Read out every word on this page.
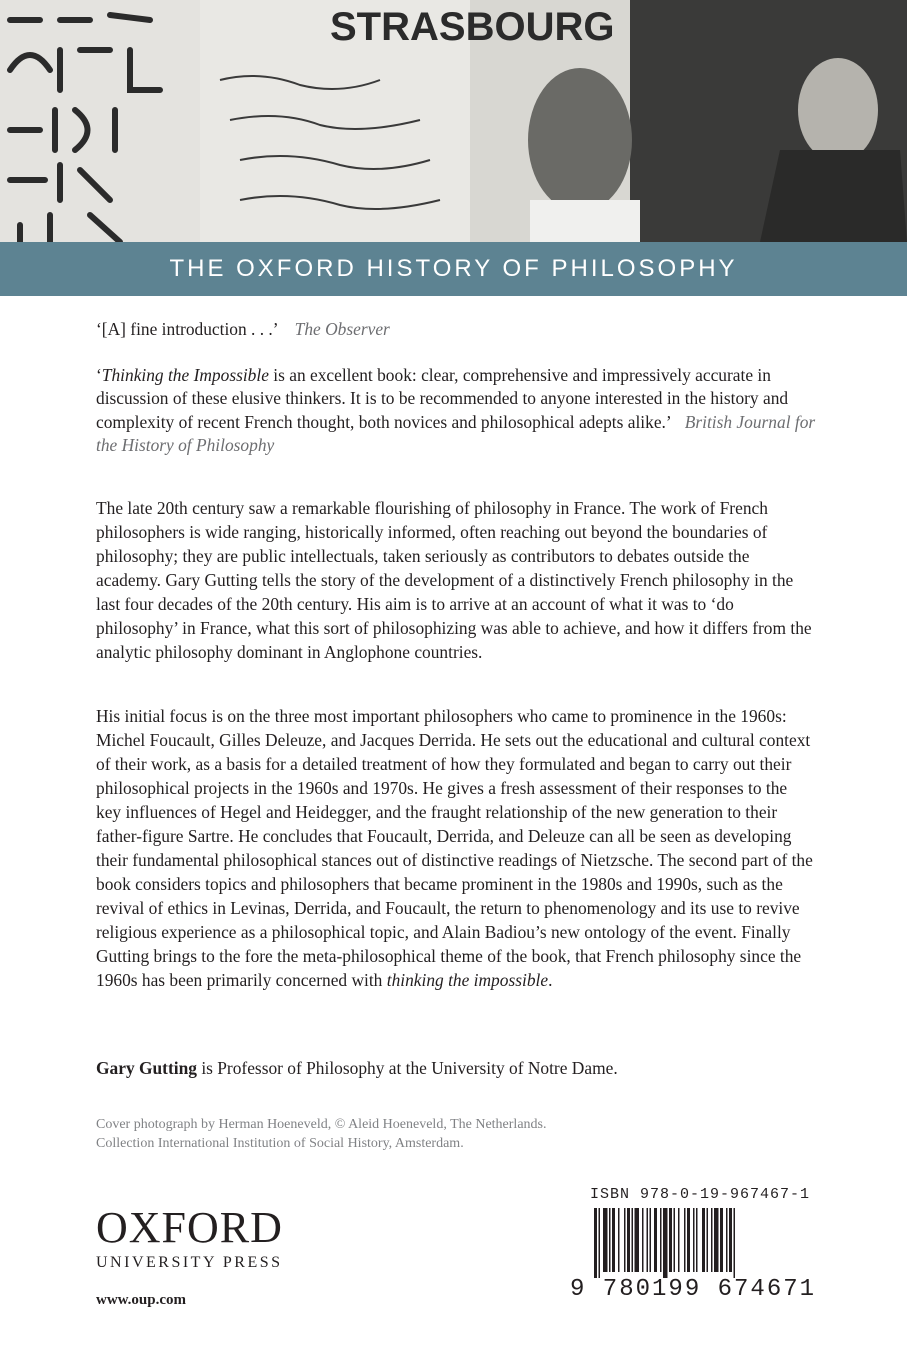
STRASBOURG
THE OXFORD HISTORY OF PHILOSOPHY

‘[A] fine introduction . . .’ The Observer

‘Thinking the Impossible is an excellent book: clear, comprehensive and impressively accurate in discussion of these elusive thinkers. It is to be recommended to anyone interested in the history and complexity of recent French thought, both novices and philosophical adepts alike.’ British Journal for the History of Philosophy

The late 20th century saw a remarkable flourishing of philosophy in France. The work of French philosophers is wide ranging, historically informed, often reaching out beyond the boundaries of philosophy; they are public intellectuals, taken seriously as contributors to debates outside the academy. Gary Gutting tells the story of the development of a distinctively French philosophy in the last four decades of the 20th century. His aim is to arrive at an account of what it was to ‘do philosophy’ in France, what this sort of philosophizing was able to achieve, and how it differs from the analytic philosophy dominant in Anglophone countries.

His initial focus is on the three most important philosophers who came to prominence in the 1960s: Michel Foucault, Gilles Deleuze, and Jacques Derrida. He sets out the educational and cultural context of their work, as a basis for a detailed treatment of how they formulated and began to carry out their philosophical projects in the 1960s and 1970s. He gives a fresh assessment of their responses to the key influences of Hegel and Heidegger, and the fraught relationship of the new generation to their father-figure Sartre. He concludes that Foucault, Derrida, and Deleuze can all be seen as developing their fundamental philosophical stances out of distinctive readings of Nietzsche. The second part of the book considers topics and philosophers that became prominent in the 1980s and 1990s, such as the revival of ethics in Levinas, Derrida, and Foucault, the return to phenomenology and its use to revive religious experience as a philosophical topic, and Alain Badiou’s new ontology of the event. Finally Gutting brings to the fore the meta-philosophical theme of the book, that French philosophy since the 1960s has been primarily concerned with thinking the impossible.

Gary Gutting is Professor of Philosophy at the University of Notre Dame.

Cover photograph by Herman Hoeneveld, © Aleid Hoeneveld, The Netherlands.
Collection International Institution of Social History, Amsterdam.

OXFORD
UNIVERSITY PRESS
www.oup.com
ISBN 978-0-19-967467-1
9 780199 674671
